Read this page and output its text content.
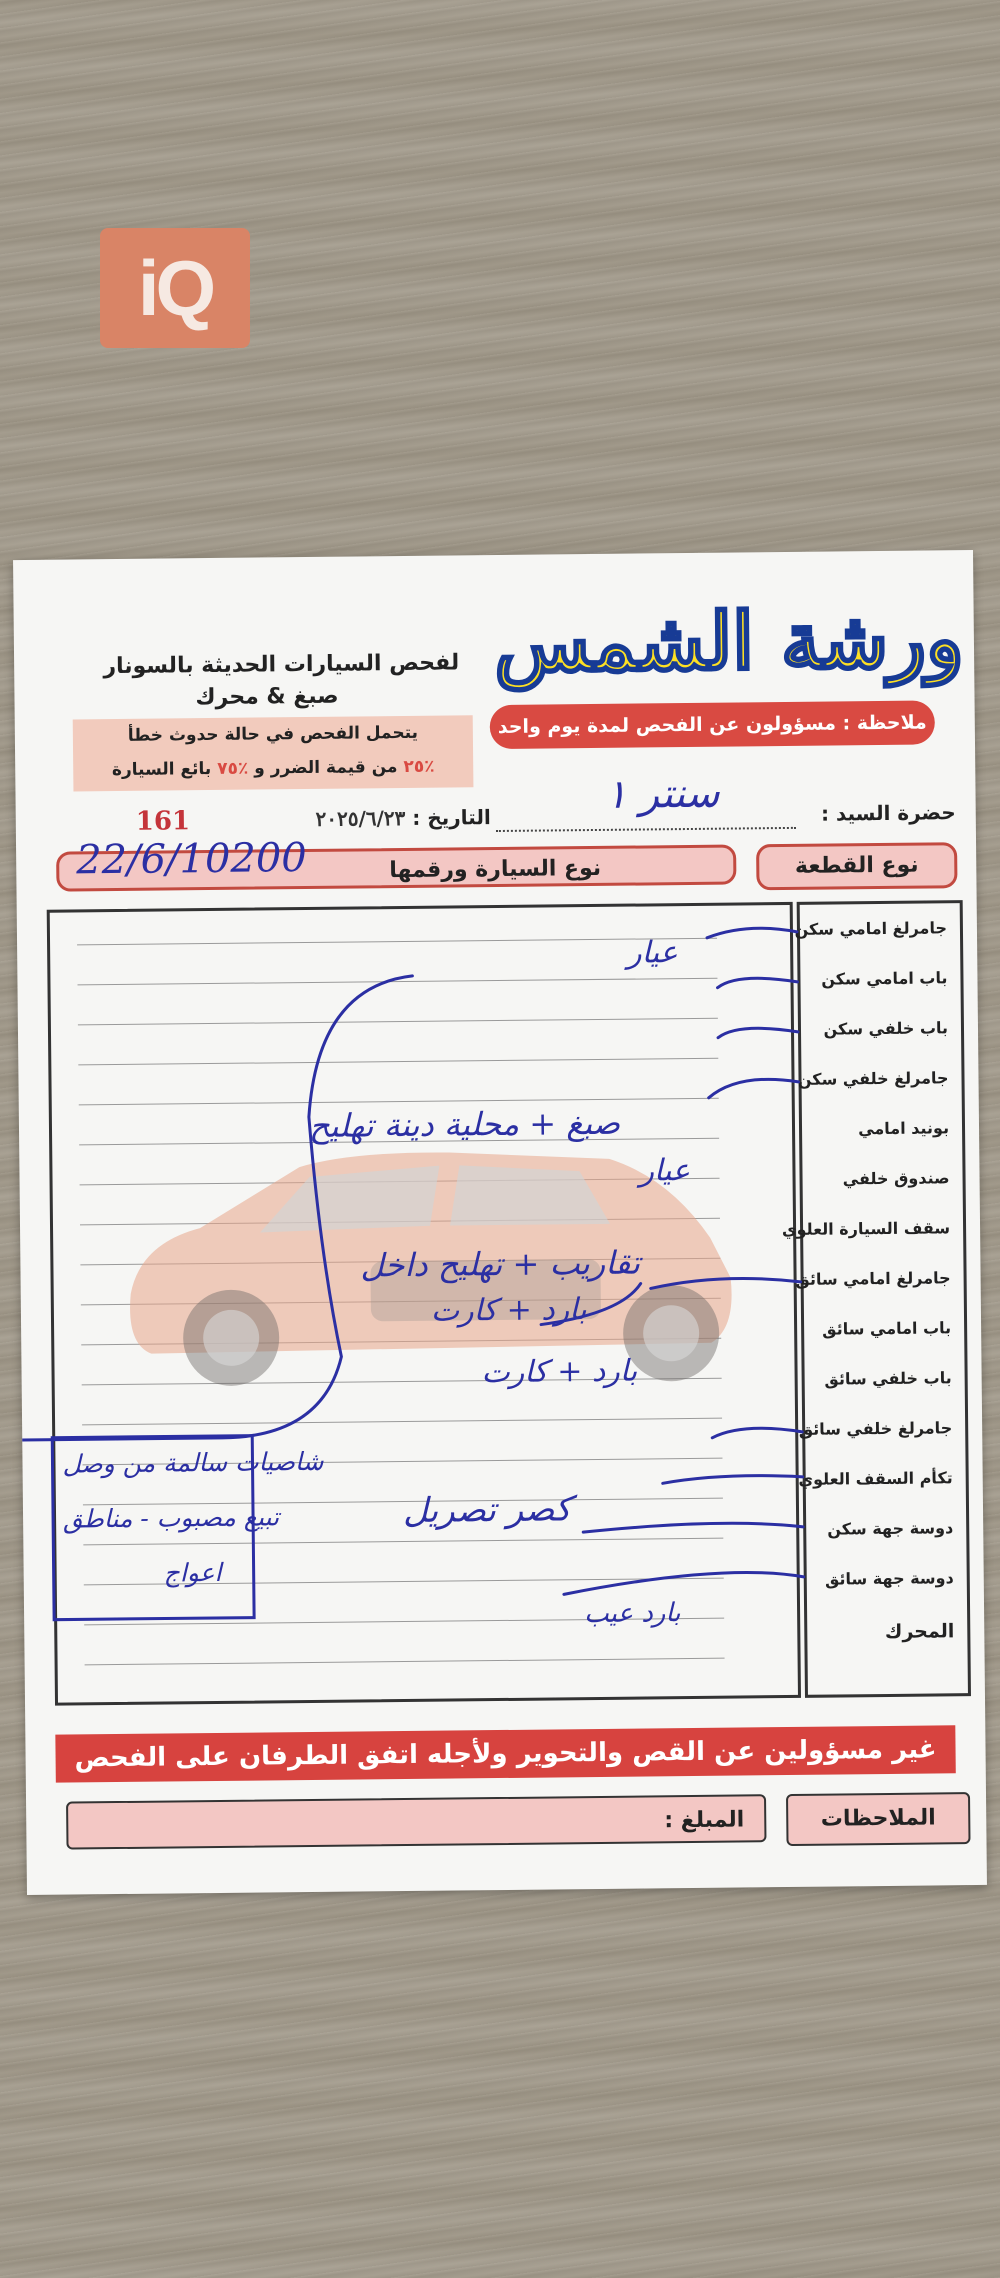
iQ
ورشة الشمس
ملاحظة : مسؤولون عن الفحص لمدة يوم واحد
لفحص السيارات الحديثة بالسونار
صبغ & محرك
يتحمل الفحص في حالة حدوث خطأ
٪٢٥ من قيمة الضرر و ٪٧٥ بائع السيارة
161	التاريخ : ٢٠٢٥/٦/٢٣	حضرة السيد :
سنتر ١
نوع القطعة
نوع السيارة ورقمها
22/6/10200
جامرلغ امامي سكن
باب امامي سكن
باب خلفي سكن
جامرلغ خلفي سكن
بونيد امامي
صندوق خلفي
سقف السيارة العلوي
جامرلغ امامي سائق
باب امامي سائق
باب خلفي سائق
جامرلغ خلفي سائق
تكأم السقف العلوي
دوسة جهة سكن
دوسة جهة سائق
المحرك
عيار
صبغ + محلية دينة تهليح
عيار
تقاريب + تهليح داخل
بارد + كارت
بارد + كارت
شاصيات سالمة من وصل
تبيع مصبوب - مناطق
اعواج
كصر تصريل
بارد عيب
غير مسؤولين عن القص والتحوير ولأجله اتفق الطرفان على الفحص
الملاحظات
المبلغ :
